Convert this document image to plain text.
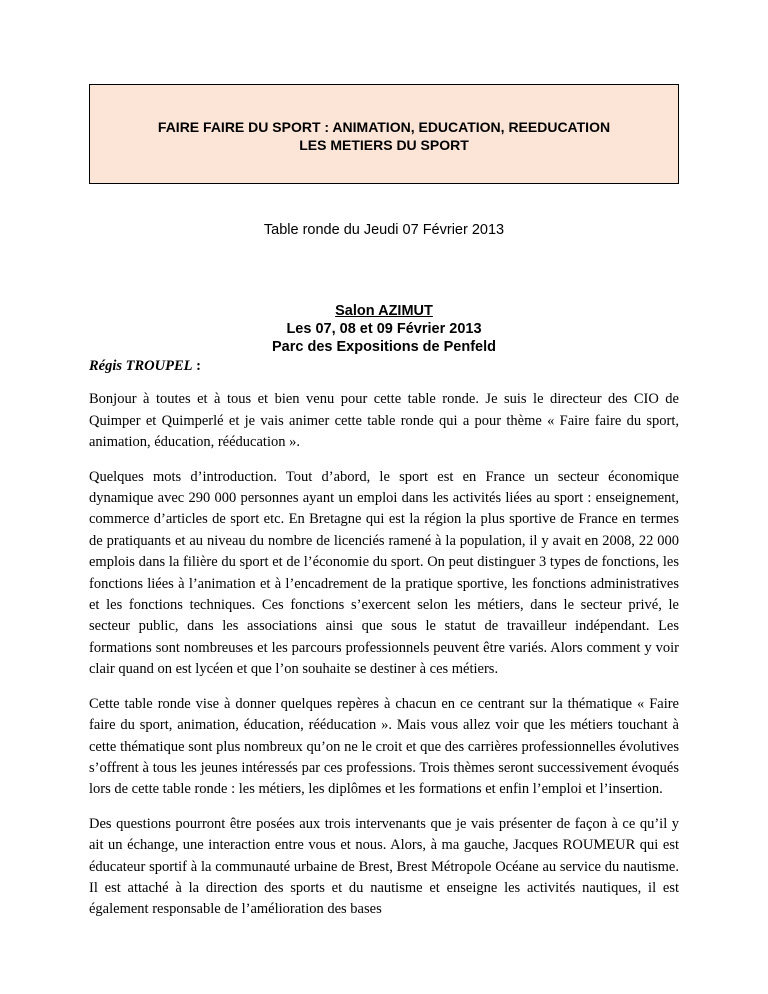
FAIRE FAIRE DU SPORT : ANIMATION, EDUCATION, REEDUCATION
LES METIERS DU SPORT
Table ronde du Jeudi 07 Février 2013
Salon AZIMUT
Les 07, 08 et 09 Février 2013
Parc des Expositions de Penfeld

Régis TROUPEL :

Bonjour à toutes et à tous et bien venu pour cette table ronde. Je suis le directeur des CIO de Quimper et Quimperlé et je vais animer cette table ronde qui a pour thème « Faire faire du sport, animation, éducation, rééducation ».

Quelques mots d’introduction. Tout d’abord, le sport est en France un secteur économique dynamique avec 290 000 personnes ayant un emploi dans les activités liées au sport : enseignement, commerce d’articles de sport etc. En Bretagne qui est la région la plus sportive de France en termes de pratiquants et au niveau du nombre de licenciés ramené à la population, il y avait en 2008, 22 000 emplois dans la filière du sport et de l’économie du sport. On peut distinguer 3 types de fonctions, les fonctions liées à l’animation et à l’encadrement de la pratique sportive, les fonctions administratives et les fonctions techniques. Ces fonctions s’exercent selon les métiers, dans le secteur privé, le secteur public, dans les associations ainsi que sous le statut de travailleur indépendant. Les formations sont nombreuses et les parcours professionnels peuvent être variés. Alors comment y voir clair quand on est lycéen et que l’on souhaite se destiner à ces métiers.

Cette table ronde vise à donner quelques repères à chacun en ce centrant sur la thématique « Faire faire du sport, animation, éducation, rééducation ». Mais vous allez voir que les métiers touchant à cette thématique sont plus nombreux qu’on ne le croit et que des carrières professionnelles évolutives s’offrent à tous les jeunes intéressés par ces professions. Trois thèmes seront successivement évoqués lors de cette table ronde : les métiers, les diplômes et les formations et enfin l’emploi et l’insertion.

Des questions pourront être posées aux trois intervenants que je vais présenter de façon à ce qu’il y ait un échange, une interaction entre vous et nous. Alors, à ma gauche, Jacques ROUMEUR qui est éducateur sportif à la communauté urbaine de Brest, Brest Métropole Océane au service du nautisme. Il est attaché à la direction des sports et du nautisme et enseigne les activités nautiques, il est également responsable de l’amélioration des bases
